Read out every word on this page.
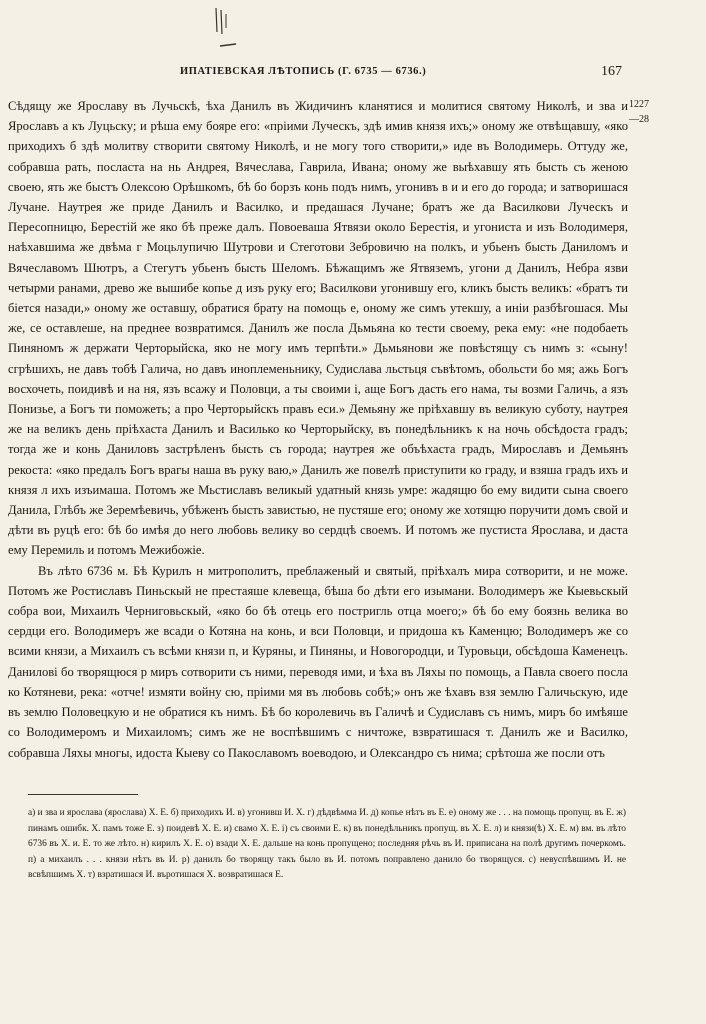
ИПАТІЕВСКАЯ ЛѢТОПИСЬ (Г. 6735 — 6736.)	167
1227
—28

Сѣдящу же Ярославу въ Лучьскѣ, ѣха Данилъ въ Жидичинъ кланятися и молитися святому Николѣ, и зва и Ярославъ а къ Луцьску; и рѣша ему бояре его: «прiими Луческъ, здѣ имив князя ихъ;» оному же отвѣщавшу, «яко приходихъ б здѣ молитву створити святому Николѣ, и не могу того створити,» иде въ Володимерь. Оттуду же, собравша рать, посласта на нь Андрея, Вячеслава, Гаврила, Ивана; оному же выѣхавшу ять бысть съ женою своею, ять же быстъ Олексою Орѣшкомъ, бѣ бо борзъ конь подъ нимъ, угонивъ в и и его до города; и затворишася Лучане. Наутрея же приде Данилъ и Василко, и предашася Лучане; братъ же да Василкови Луческъ и Пересопницю, Берестiй же яко бѣ преже далъ. Повоеваша Ятвязи около Берестiя, и угониста и изъ Володимеря, наѣхавшима же двѣма г Моцьлупичю Шутрови и Стеготови Зебровичю на полкъ, и убьенъ бысть Даниломъ и Вячеславомъ Шютръ, а Стегутъ убьенъ бысть Шеломъ. Бѣжащимъ же Ятвяземъ, угони д Данилъ, Небра язви четырми ранами, древо же вышибе копье д изъ руку его; Василкови угонившу его, кликъ бысть великъ: «братъ ти бiется назади,» оному же оставшу, обратися брату на помощь е, оному же симъ утекшу, а инiи разбѣгошася. Мы же, се оставлеше, на преднее возвратимся. Данилъ же посла Дьмьяна ко тести своему, река ему: «не подобаеть Пиняномъ ж держати Черторыйска, яко не могу имъ терпѣти.» Дьмьянови же повѣстящу съ нимъ з: «сыну! сгрѣшихъ, не давъ тобѣ Галича, но давъ иноплеменьнику, Судислава льстьця съвѣтомъ, обольсти бо мя; ажь Богъ восхочеть, поидивѣ и на ня, язъ всажу и Половци, а ты своими i, аще Богъ дасть его нама, ты возми Галичь, а язъ Понизье, а Богъ ти поможеть; а про Черторыйскъ правъ еси.» Демьяну же прiѣхавшу въ великую суботу, наутрея же на великъ день прiѣхаста Данилъ и Василько ко Черторыйску, въ понедѣльникъ к на ночь обсѣдоста градъ; тогда же и конь Даниловъ застрѣленъ бысть съ города; наутрея же объѣхаста градъ, Мирославъ и Демьянъ рекоста: «яко предалъ Богъ врагы наша въ руку ваю,» Данилъ же повелѣ приступити ко граду, и взяша градъ ихъ и князя л ихъ изъимаша. Потомъ же Мьстиславъ великый удатный князь умре: жадящю бо ему видити сына своего Данила, Глѣбъ же Зеремѣевичь, убѣженъ бысть завистью, не пустяше его; оному же хотящю поручити домъ свой и дѣти въ руцѣ его: бѣ бо имѣя до него любовь велику во сердцѣ своемъ. И потомъ же пустиста Ярослава, и даста ему Перемиль и потомъ Межибожiе.

Въ лѣто 6736 м. Бѣ Курилъ н митрополитъ, преблаженый и святый, прiѣхалъ мира сотворити, и не може. Потомъ же Ростиславъ Пиньскый не престаяше клевеща, бѣша бо дѣти его изымани. Володимеръ же Кыевьскый собра вои, Михаилъ Черниговьскый, «яко бо бѣ отець его постригль отца моего;» бѣ бо ему боязнь велика во сердци его. Володимеръ же всади о Котяна на конь, и вси Половци, и придоша къ Каменцю; Володимеръ же со всими князи, а Михаилъ съ всѣми князи п, и Куряны, и Пиняны, и Новогородци, и Туровьци, обсѣдоша Каменецъ. Даниловi бо творящюся р миръ сотворити съ ними, переводя ими, и ѣха въ Ляхы по помощь, а Павла своего посла ко Котяневи, река: «отче! измяти войну сю, прiими мя въ любовь собѣ;» онъ же ѣхавъ взя землю Галичьскую, иде въ землю Половецкую и не обратися къ нимъ. Бѣ бо королевичь въ Галичѣ и Судиславъ съ нимъ, миръ бо имѣяше со Володимеромъ и Михаиломъ; симъ же не воспѣвшимъ с ничтоже, взвратишася т. Данилъ же и Василко, собравша Ляхы многы, идоста Кыеву со Пакославомъ воеводою, и Олександро съ нима; срѣтоша же посли отъ

а) и зва и ярослава (ярослава) Х. Е. б) приходихъ И. в) угонивш И. Х. г) дѣдвѣмма И. д) копье нѣтъ въ Е. е) оному же . . . на помощь пропущ. въ Е. ж) пинамъ ошибк. Х. памъ тоже Е. з) поидевѣ Х. Е. и) свамо Х. Е. i) съ своими Е. к) въ понедѣльникъ пропущ. въ Х. Е. л) и князи(ѣ) Х. Е. м) вм. въ лѣто 6736 въ Х. и. Е. то же лѣто. н) кирилъ Х. Е. о) взади Х. Е. дальше на конь пропущено; последняя рѣчь въ И. приписана на полѣ другимъ почеркомъ. п) а михаилъ . . . князи нѣтъ въ И. р) данилъ бо творящу такъ было въ И. потомъ поправлено данило бо творящуся. с) невуспѣвшимъ И. не всвѣпшимъ Х. т) взратишася И. въротишася Х. возвратишася Е.
